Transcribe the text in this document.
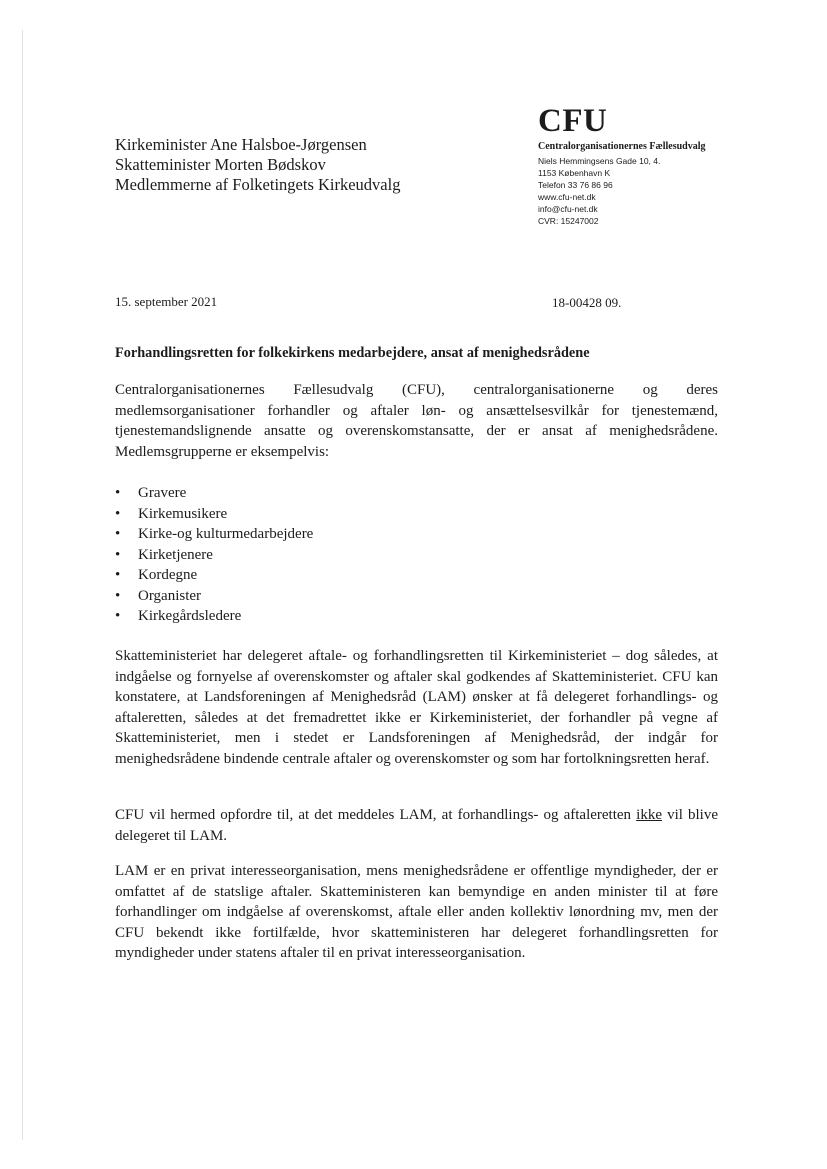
Kirkeminister Ane Halsboe-Jørgensen
Skatteminister Morten Bødskov
Medlemmerne af Folketingets Kirkeudvalg
CFU
Centralorganisationernes Fællesudvalg
Niels Hemmingsens Gade 10, 4.
1153 København K
Telefon 33 76 86 96
www.cfu-net.dk
info@cfu-net.dk
CVR: 15247002
15. september 2021	18-00428 09.
Forhandlingsretten for folkekirkens medarbejdere, ansat af menighedsrådene

Centralorganisationernes Fællesudvalg (CFU), centralorganisationerne og deres medlemsorganisationer forhandler og aftaler løn- og ansættelsesvilkår for tjenestemænd, tjenestemandslignende ansatte og overenskomstansatte, der er ansat af menighedsrådene. Medlemsgrupperne er eksempelvis:

• Gravere
• Kirkemusikere
• Kirke-og kulturmedarbejdere
• Kirketjenere
• Kordegne
• Organister
• Kirkegårdsledere

Skatteministeriet har delegeret aftale- og forhandlingsretten til Kirkeministeriet – dog således, at indgåelse og fornyelse af overenskomster og aftaler skal godkendes af Skatteministeriet. CFU kan konstatere, at Landsforeningen af Menighedsråd (LAM) ønsker at få delegeret forhandlings- og aftaleretten, således at det fremadrettet ikke er Kirkeministeriet, der forhandler på vegne af Skatteministeriet, men i stedet er Landsforeningen af Menighedsråd, der indgår for menighedsrådene bindende centrale aftaler og overenskomster og som har fortolkningsretten heraf.

CFU vil hermed opfordre til, at det meddeles LAM, at forhandlings- og aftaleretten ikke vil blive delegeret til LAM.

LAM er en privat interesseorganisation, mens menighedsrådene er offentlige myndigheder, der er omfattet af de statslige aftaler. Skatteministeren kan bemyndige en anden minister til at føre forhandlinger om indgåelse af overenskomst, aftale eller anden kollektiv lønordning mv, men der CFU bekendt ikke fortilfælde, hvor skatteministeren har delegeret forhandlingsretten for myndigheder under statens aftaler til en privat interesseorganisation.
